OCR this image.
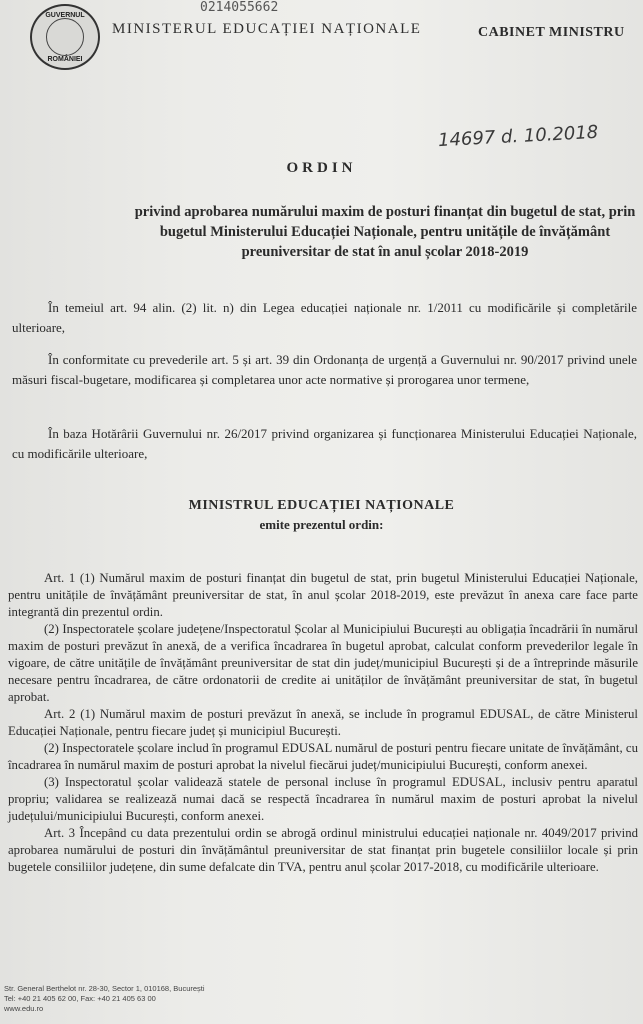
GUVERNUL
ROMÂNIEI
0214055662
MINISTERUL EDUCAȚIEI NAȚIONALE	CABINET MINISTRU
14697 d. 10.2018
ORDIN
privind aprobarea numărului maxim de posturi finanțat din bugetul de stat, prin bugetul Ministerului Educației Naționale, pentru unitățile de învățământ preuniversitar de stat în anul școlar 2018-2019

În temeiul art. 94 alin. (2) lit. n) din Legea educației naționale nr. 1/2011 cu modificările și completările ulterioare,

În conformitate cu prevederile art. 5 și art. 39 din Ordonanța de urgență a Guvernului nr. 90/2017 privind unele măsuri fiscal-bugetare, modificarea și completarea unor acte normative și prorogarea unor termene,

În baza Hotărârii Guvernului nr. 26/2017 privind organizarea și funcționarea Ministerului Educației Naționale, cu modificările ulterioare,

MINISTRUL EDUCAȚIEI NAȚIONALE
emite prezentul ordin:

Art. 1 (1) Numărul maxim de posturi finanțat din bugetul de stat, prin bugetul Ministerului Educației Naționale, pentru unitățile de învățământ preuniversitar de stat, în anul școlar 2018-2019, este prevăzut în anexa care face parte integrantă din prezentul ordin.

(2) Inspectoratele școlare județene/Inspectoratul Școlar al Municipiului București au obligația încadrării în numărul maxim de posturi prevăzut în anexă, de a verifica încadrarea în bugetul aprobat, calculat conform prevederilor legale în vigoare, de către unitățile de învățământ preuniversitar de stat din județ/municipiul București și de a întreprinde măsurile necesare pentru încadrarea, de către ordonatorii de credite ai unităților de învățământ preuniversitar de stat, în bugetul aprobat.

Art. 2 (1) Numărul maxim de posturi prevăzut în anexă, se include în programul EDUSAL, de către Ministerul Educației Naționale, pentru fiecare județ și municipiul București.

(2) Inspectoratele școlare includ în programul EDUSAL numărul de posturi pentru fiecare unitate de învățământ, cu încadrarea în numărul maxim de posturi aprobat la nivelul fiecărui județ/municipiului București, conform anexei.

(3) Inspectoratul școlar validează statele de personal incluse în programul EDUSAL, inclusiv pentru aparatul propriu; validarea se realizează numai dacă se respectă încadrarea în numărul maxim de posturi aprobat la nivelul județului/municipiului București, conform anexei.

Art. 3 Începând cu data prezentului ordin se abrogă ordinul ministrului educației naționale nr. 4049/2017 privind aprobarea numărului de posturi din învățământul preuniversitar de stat finanțat prin bugetele consiliilor locale și prin bugetele consiliilor județene, din sume defalcate din TVA, pentru anul școlar 2017-2018, cu modificările ulterioare.

Str. General Berthelot nr. 28-30, Sector 1, 010168, București
Tel: +40 21 405 62 00, Fax: +40 21 405 63 00
www.edu.ro
